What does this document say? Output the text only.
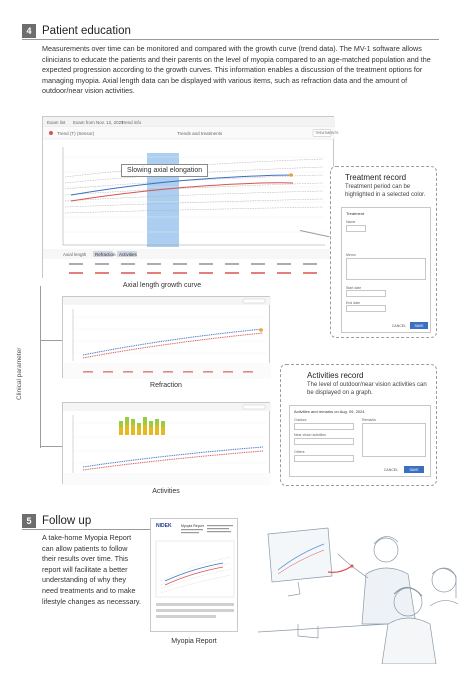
4 Patient education
Measurements over time can be monitored and compared with the growth curve (trend data). The MV-1 software allows clinicians to educate the patients and their parents on the level of myopia compared to an age-matched population and the expected progression according to the growth curves. This information enables a discussion of the treatment options for managing myopia. Axial length data can be displayed with various items, such as refraction data and the amount of outdoor/near vision activities.
Exam list Exam from Nov. 12, 2024
Trend info
Trend (T) (Sensor)	Trends and treatments	TREATMENTS
Slowing axial elongation
Axial length Refraction Activities
Axial length growth curve
Treatment record
Treatment period can be highlighted in a selected color.
Treatment
Name
Memo
Start date
End date
CANCEL	SAVE
Refraction
Activities record
The level of outdoor/near vision activities can be displayed on a graph.
Activities and remarks on Aug. 09, 2024
Outdoor
Near vision activities
Others
Remarks
CANCEL	SAVE
Activities
Clinical parameter
5 Follow up
A take-home Myopia Report can allow patients to follow their results over time. This report will facilitate a better understanding of why they need treatments and to make lifestyle changes as necessary.
NIDEK	Myopia Report
Myopia Report
